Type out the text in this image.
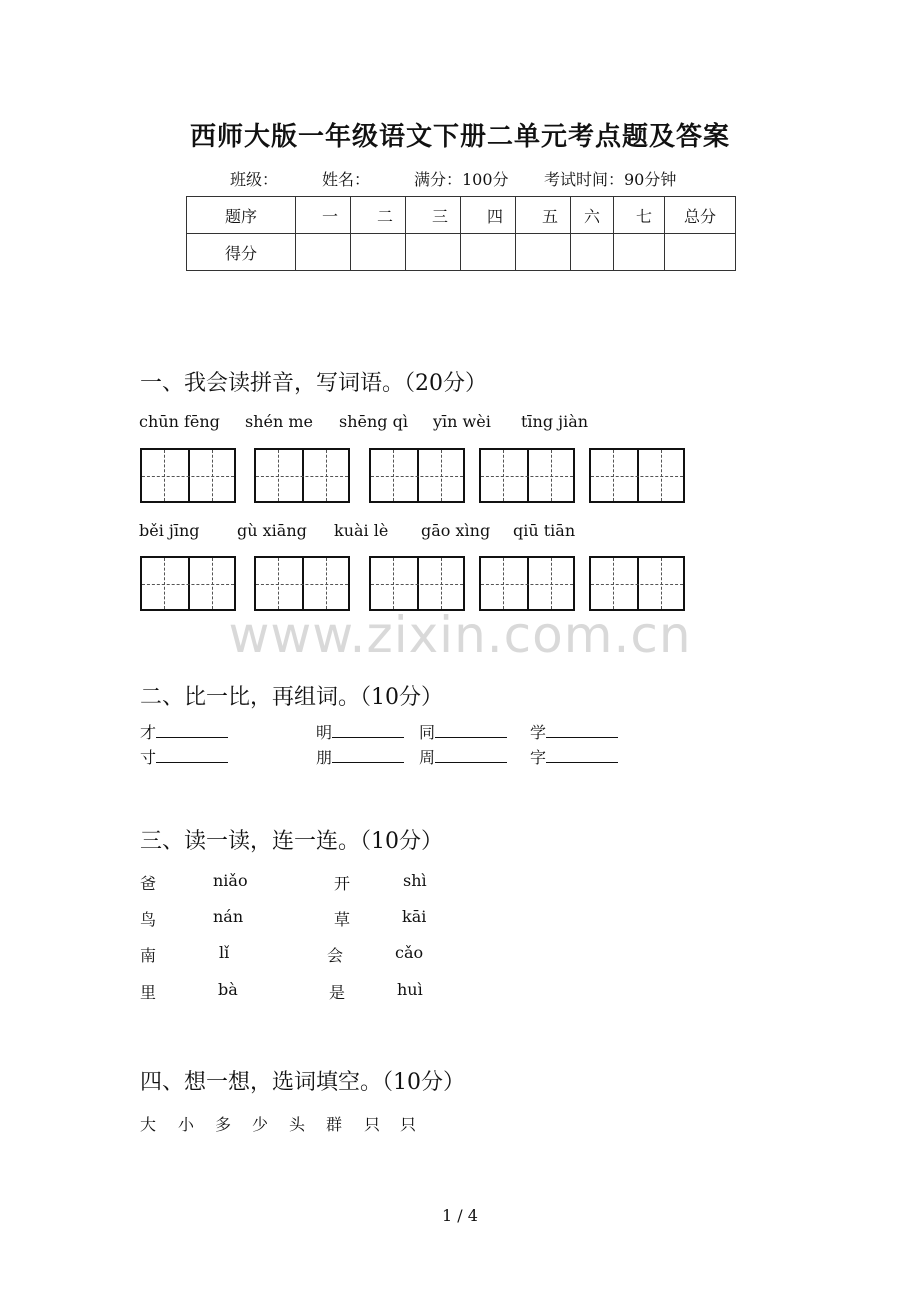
西师大版一年级语文下册二单元考点题及答案
班级：	姓名：	满分：100分 考试时间：90分钟
题序	一	二	三	四	五	六	七	总分
得分								
一、我会读拼音，写词语。（20分）
chūn fēng shén me shēng qì yīn wèi tīng jiàn
běi jīng gù xiāng kuài lè gāo xìng qiū tiān
www.zixin.com.cn
二、比一比，再组词。（10分）
才	明	同	学
寸	朋	周	字
三、读一读，连一连。（10分）
爸	niǎo	开	shì
鸟	nán	草	kāi
南	lǐ	会	cǎo
里	bà	是	huì
四、想一想，选词填空。（10分）
大 小 多 少 头 群 只 只
1 / 4
